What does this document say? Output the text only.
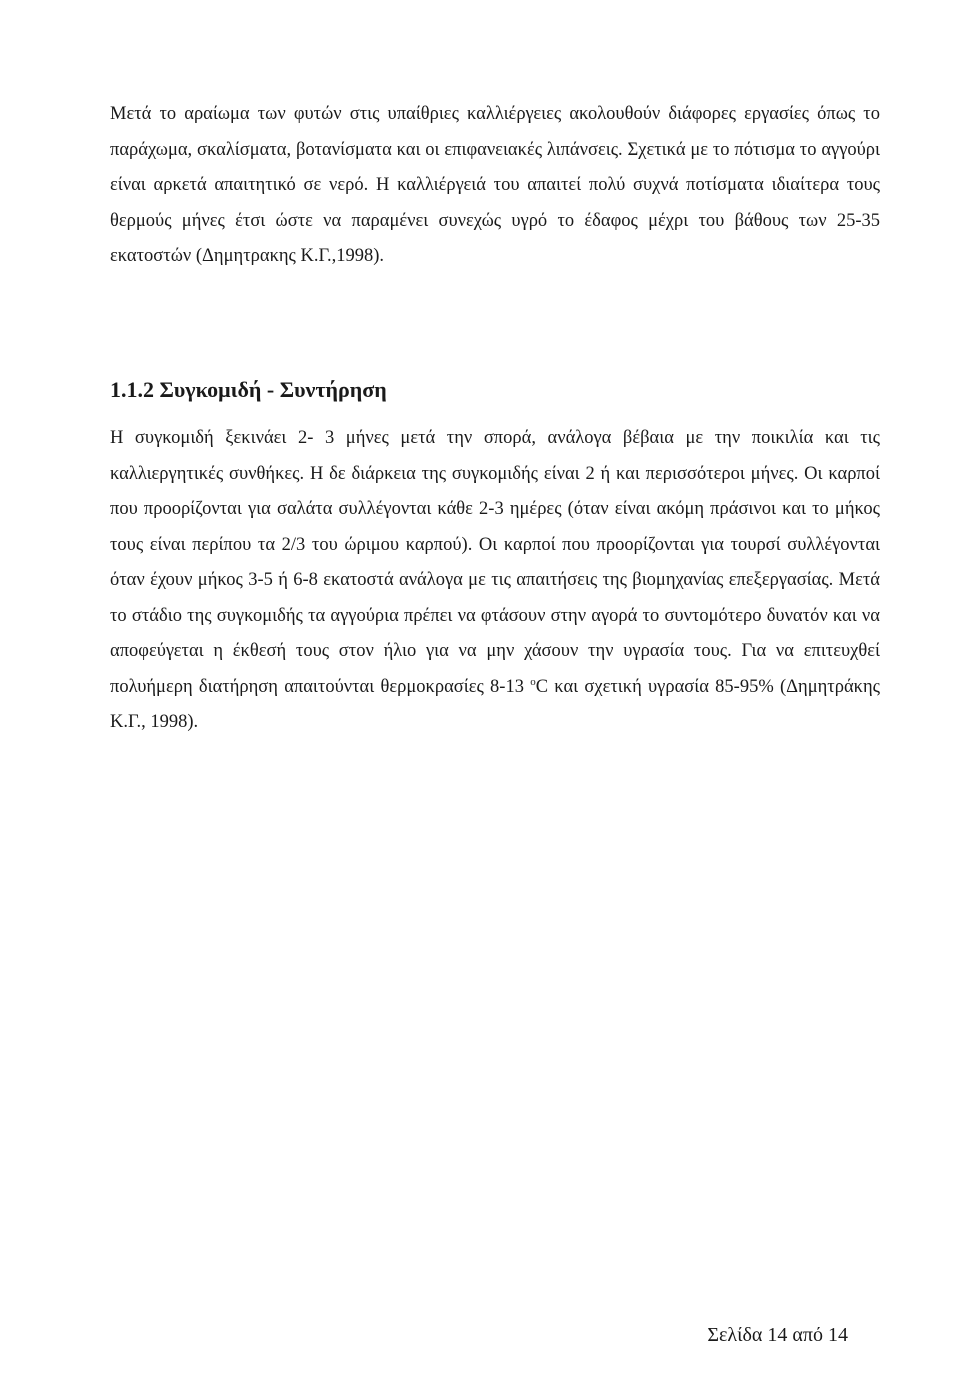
Μετά το αραίωμα των φυτών στις υπαίθριες καλλιέργειες ακολουθούν διάφορες εργασίες όπως το παράχωμα, σκαλίσματα, βοτανίσματα και οι επιφανειακές λιπάνσεις. Σχετικά με το πότισμα το αγγούρι είναι αρκετά απαιτητικό σε νερό. Η καλλιέργειά του απαιτεί πολύ συχνά ποτίσματα ιδιαίτερα τους θερμούς μήνες έτσι ώστε να παραμένει συνεχώς υγρό το έδαφος μέχρι του βάθους των 25-35 εκατοστών (Δημητρακης Κ.Γ.,1998).

1.1.2 Συγκομιδή - Συντήρηση

Η συγκομιδή ξεκινάει 2- 3 μήνες μετά την σπορά, ανάλογα βέβαια με την ποικιλία και τις καλλιεργητικές συνθήκες. Η δε διάρκεια της συγκομιδής είναι 2 ή και περισσότεροι μήνες. Οι καρποί που προορίζονται για σαλάτα συλλέγονται κάθε 2-3 ημέρες (όταν είναι ακόμη πράσινοι και το μήκος τους είναι περίπου τα 2/3 του ώριμου καρπού). Οι καρποί που προορίζονται για τουρσί συλλέγονται όταν έχουν μήκος 3-5 ή 6-8 εκατοστά ανάλογα με τις απαιτήσεις της βιομηχανίας επεξεργασίας. Μετά το στάδιο της συγκομιδής τα αγγούρια πρέπει να φτάσουν στην αγορά το συντομότερο δυνατόν και να αποφεύγεται η έκθεσή τους στον ήλιο για να μην χάσουν την υγρασία τους. Για να επιτευχθεί πολυήμερη διατήρηση απαιτούνται θερμοκρασίες 8-13 $^o$C και σχετική υγρασία 85-95% (Δημητράκης Κ.Γ., 1998).

Σελίδα 14 από 14
